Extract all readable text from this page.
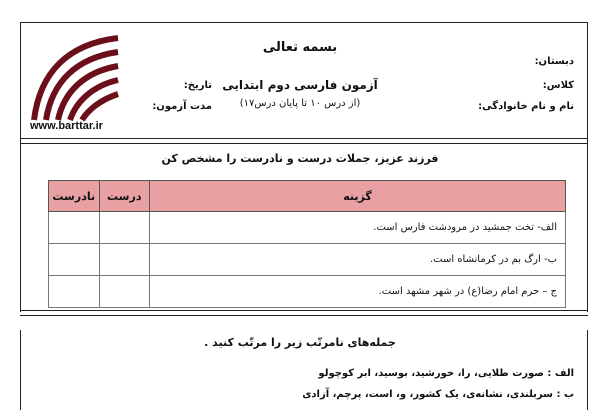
بسمه تعالی
دبستان:
کلاس:
نام و نام خانوادگی:
تاریخ:
مدت آزمون:
آزمون فارسی دوم ابتدایی
(از درس ۱۰ تا پایان درس۱۷)
www.barttar.ir
فرزند عزیز، جملات درست و نادرست را مشخص کن
گزینه	درست	نادرست
الف- تخت جمشید در مرودشت فارس است.		
ب- ارگ بم در کرمانشاه است.		
ج – حرم امام رضا(ع) در شهر مشهد است.		
جمله‌های نامرتّب زیر را مرتّب کنید .
الف : صورت طلایی، را، خورشید، بوسید، ابر کوچولو
ب : سربلندی، نشانه‌ی، یک کشور، و، است، پرچم، آزادی
